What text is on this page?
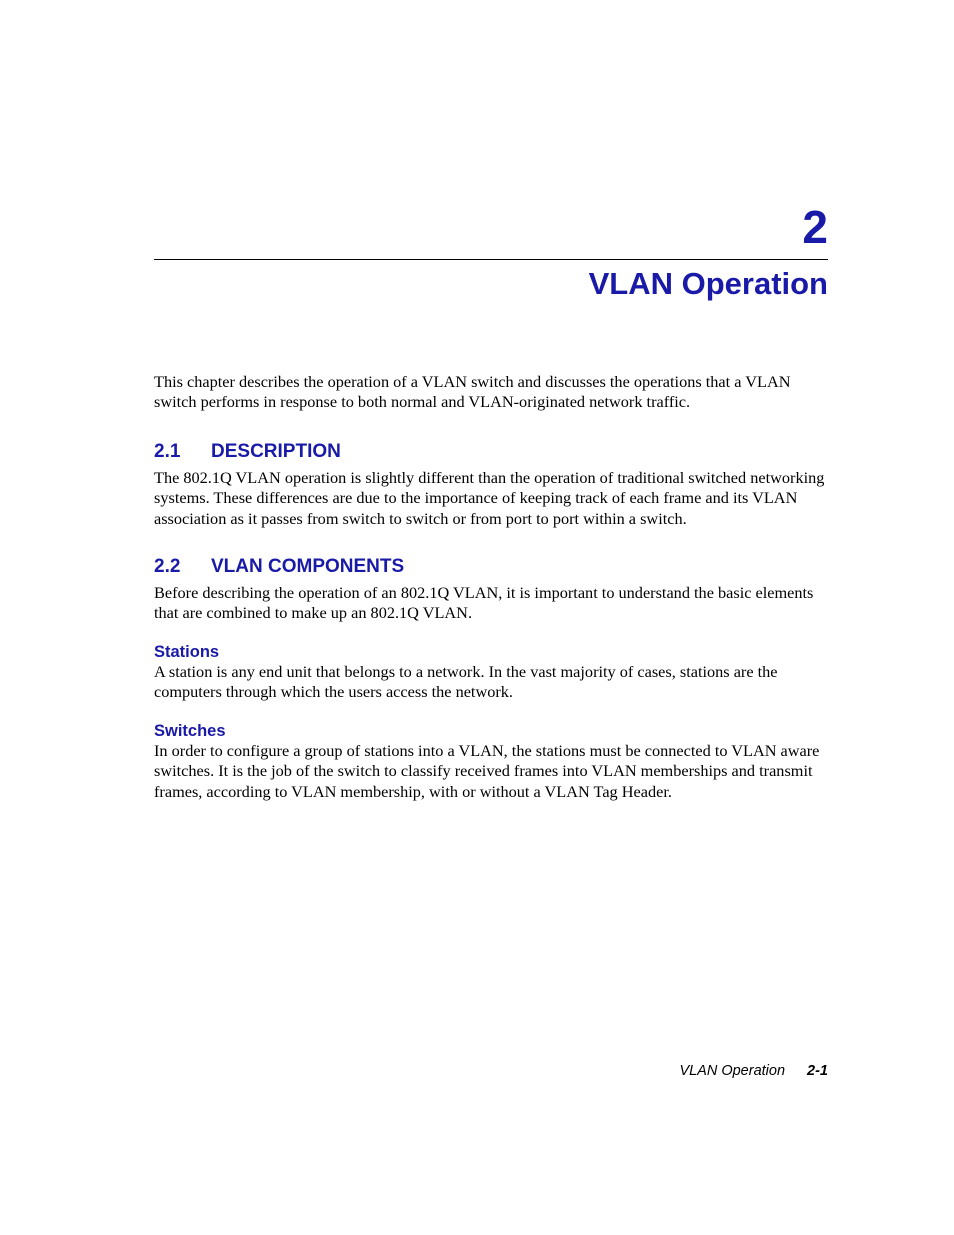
2
VLAN Operation

This chapter describes the operation of a VLAN switch and discusses the operations that a VLAN switch performs in response to both normal and VLAN-originated network traffic.

2.1 DESCRIPTION

The 802.1Q VLAN operation is slightly different than the operation of traditional switched networking systems. These differences are due to the importance of keeping track of each frame and its VLAN association as it passes from switch to switch or from port to port within a switch.

2.2 VLAN COMPONENTS

Before describing the operation of an 802.1Q VLAN, it is important to understand the basic elements that are combined to make up an 802.1Q VLAN.

Stations

A station is any end unit that belongs to a network. In the vast majority of cases, stations are the computers through which the users access the network.

Switches

In order to configure a group of stations into a VLAN, the stations must be connected to VLAN aware switches. It is the job of the switch to classify received frames into VLAN memberships and transmit frames, according to VLAN membership, with or without a VLAN Tag Header.

VLAN Operation 2-1
